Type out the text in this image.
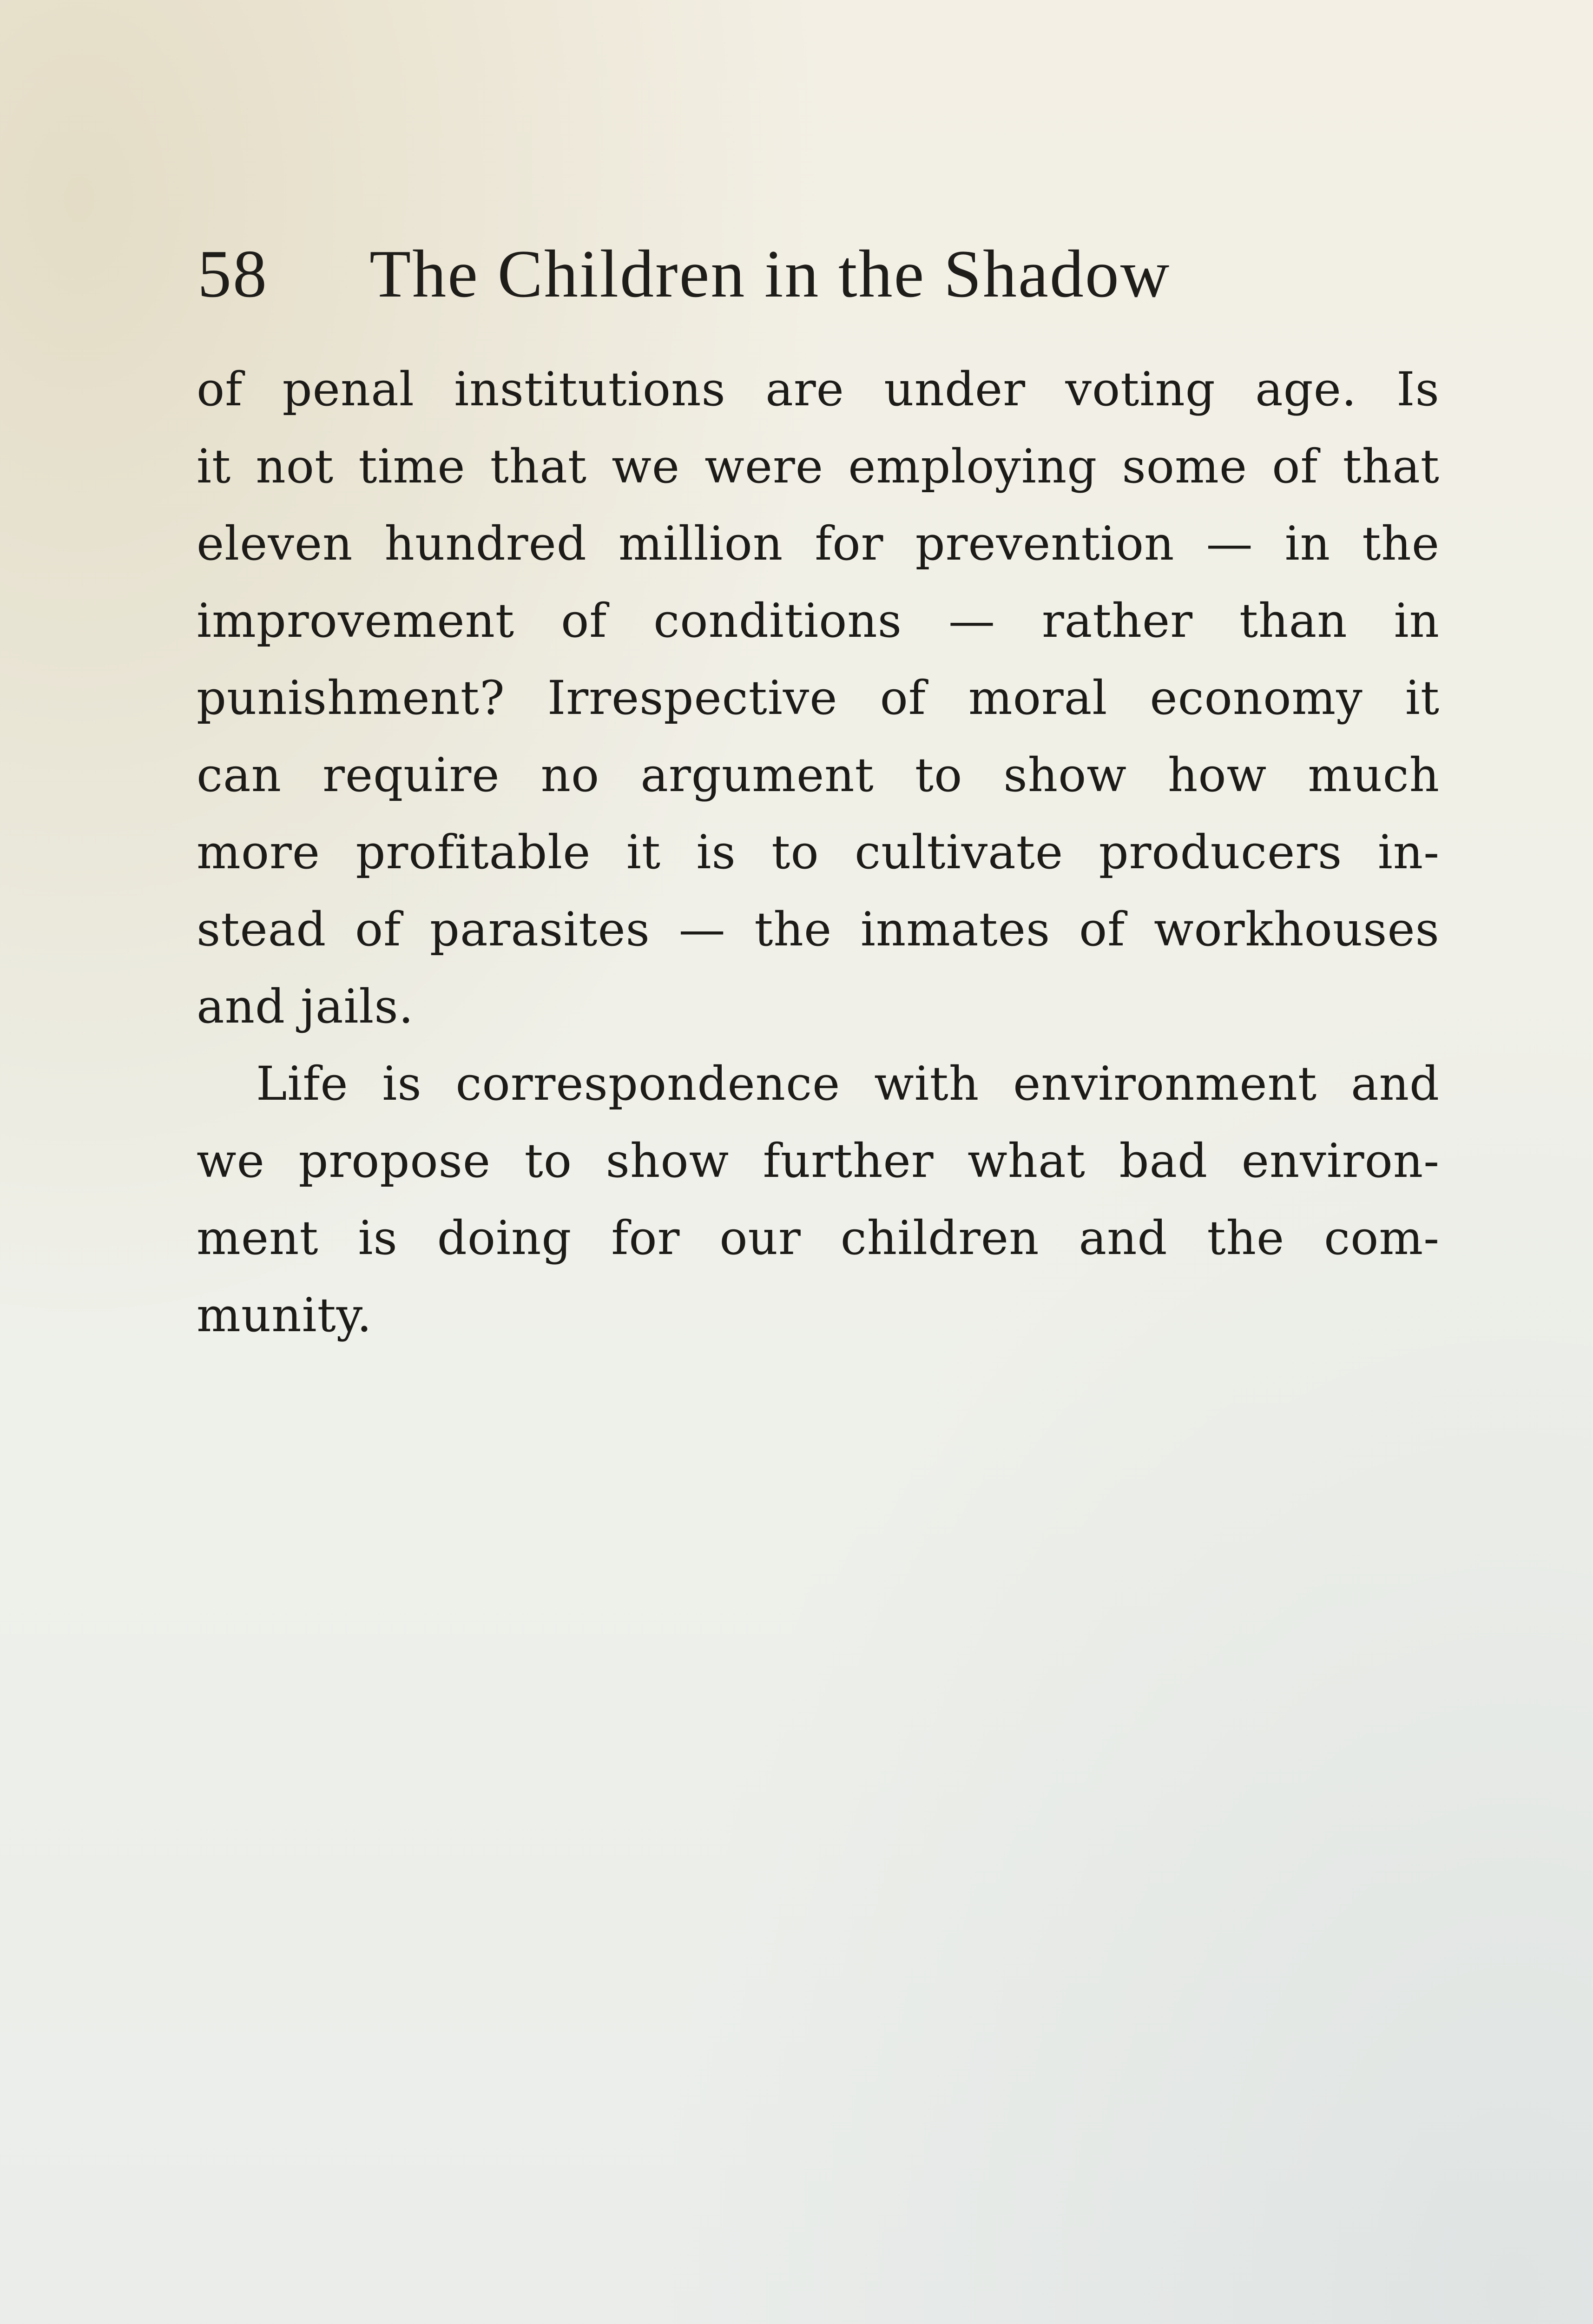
58 The Children in the Shadow
of penal institutions are under voting age. Is
it not time that we were employing some of that
eleven hundred million for prevention — in the
improvement of conditions — rather than in
punishment? Irrespective of moral economy it
can require no argument to show how much
more profitable it is to cultivate producers in-
stead of parasites — the inmates of workhouses
and jails.
Life is correspondence with environment and
we propose to show further what bad environ-
ment is doing for our children and the com-
munity.
